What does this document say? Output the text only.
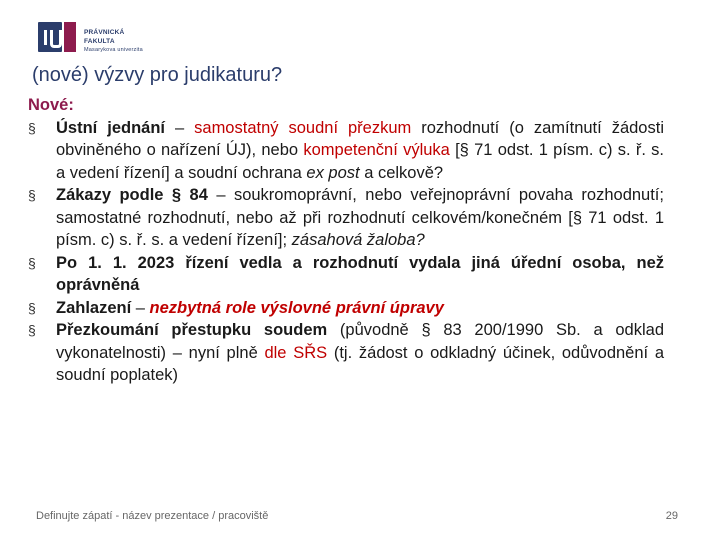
PRÁVNICKÁ
FAKULTA
Masarykova univerzita
(nové) výzvy pro judikaturu?
Nové:
§ Ústní jednání – samostatný soudní přezkum rozhodnutí (o zamítnutí žádosti obviněného o nařízení ÚJ), nebo kompetenční výluka [§ 71 odst. 1 písm. c) s. ř. s. a vedení řízení] a soudní ochrana ex post a celkově?
§ Zákazy podle § 84 – soukromoprávní, nebo veřejnoprávní povaha rozhodnutí; samostatné rozhodnutí, nebo až při rozhodnutí celkovém/konečném [§ 71 odst. 1 písm. c) s. ř. s. a vedení řízení]; zásahová žaloba?
§ Po 1. 1. 2023 řízení vedla a rozhodnutí vydala jiná úřední osoba, než oprávněná
§ Zahlazení – nezbytná role výslovné právní úpravy
§ Přezkoumání přestupku soudem (původně § 83 200/1990 Sb. a odklad vykonatelnosti) – nyní plně dle SŘS (tj. žádost o odkladný účinek, odůvodnění a soudní poplatek)
Definujte zápatí - název prezentace / pracoviště	29
